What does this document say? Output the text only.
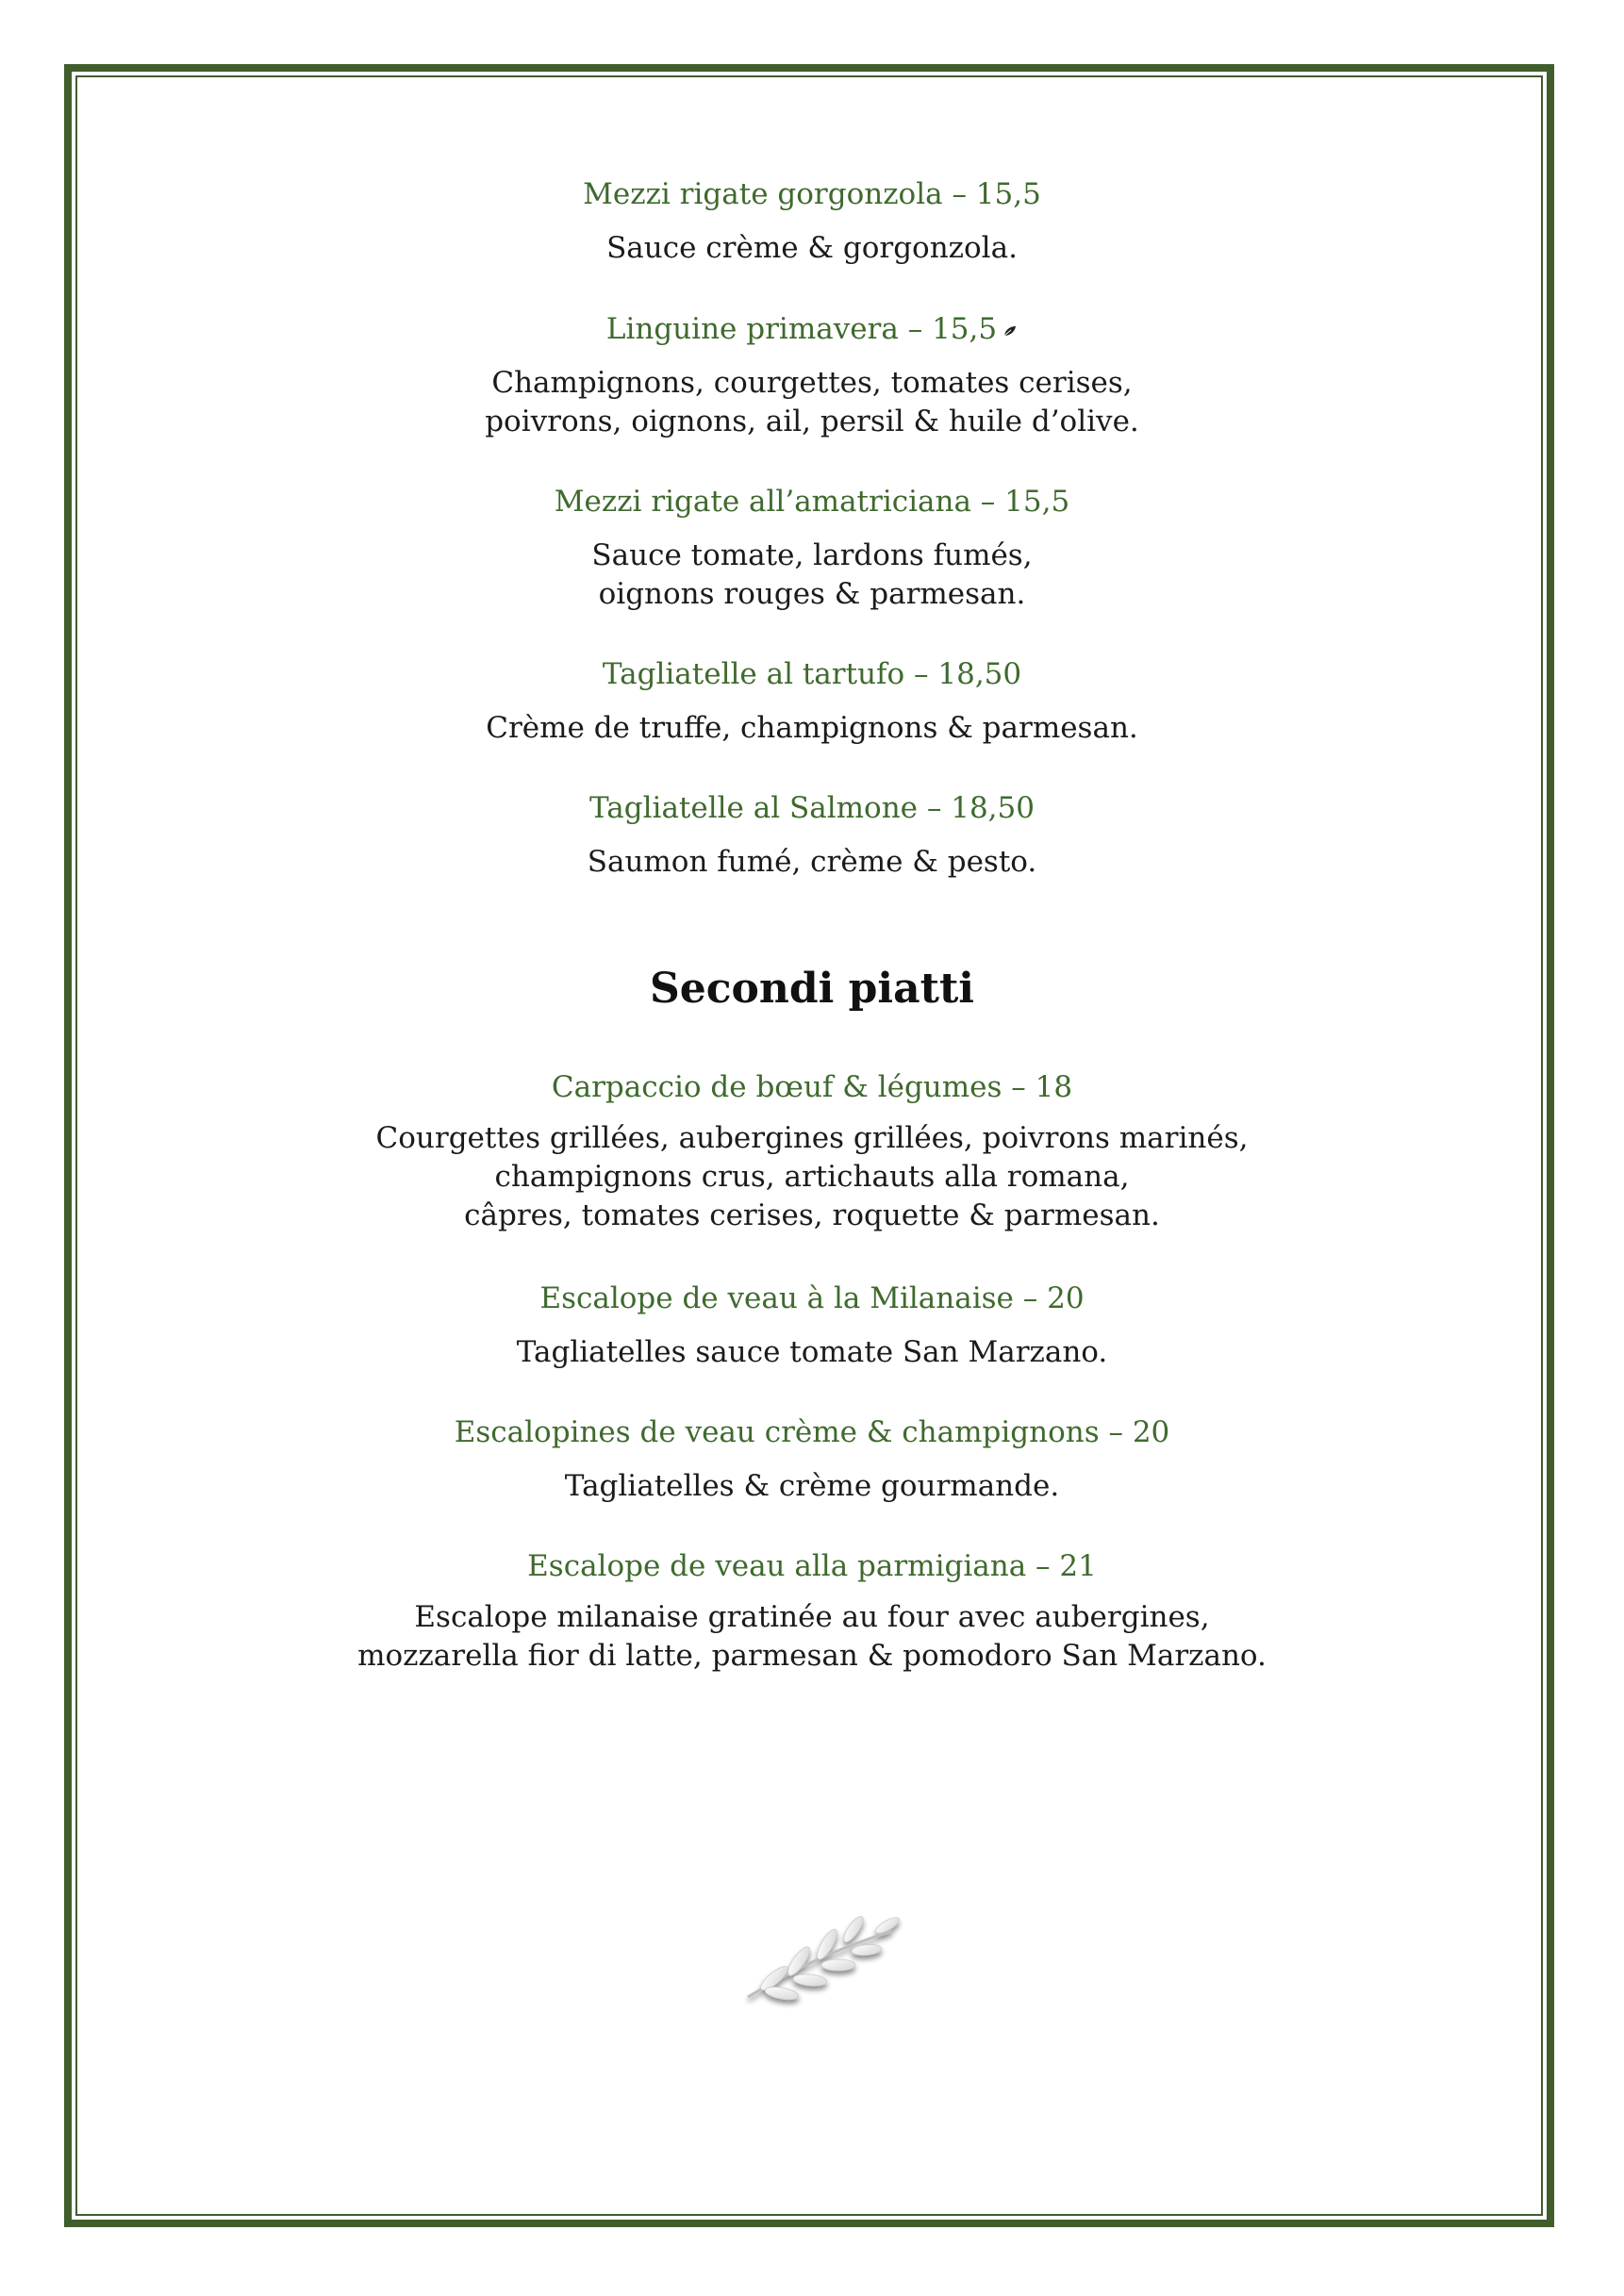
Mezzi rigate gorgonzola – 15,5

Sauce crème & gorgonzola.

Linguine primavera – 15,5

Champignons, courgettes, tomates cerises,
poivrons, oignons, ail, persil & huile d’olive.

Mezzi rigate all’amatriciana – 15,5

Sauce tomate, lardons fumés,
oignons rouges & parmesan.

Tagliatelle al tartufo – 18,50

Crème de truffe, champignons & parmesan.

Tagliatelle al Salmone – 18,50

Saumon fumé, crème & pesto.

Secondi piatti

Carpaccio de bœuf & légumes – 18

Courgettes grillées, aubergines grillées, poivrons marinés,
champignons crus, artichauts alla romana,
câpres, tomates cerises, roquette & parmesan.

Escalope de veau à la Milanaise – 20

Tagliatelles sauce tomate San Marzano.

Escalopines de veau crème & champignons – 20

Tagliatelles & crème gourmande.

Escalope de veau alla parmigiana – 21

Escalope milanaise gratinée au four avec aubergines,
mozzarella fior di latte, parmesan & pomodoro San Marzano.
